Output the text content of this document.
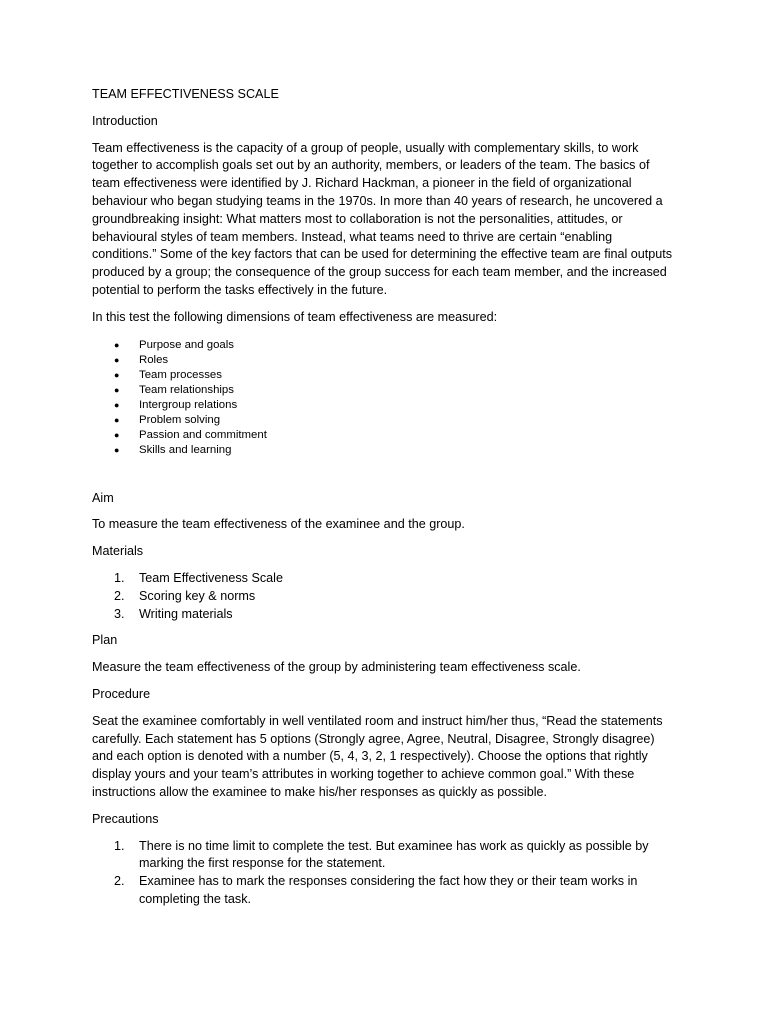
TEAM EFFECTIVENESS SCALE
Introduction

Team effectiveness is the capacity of a group of people, usually with complementary skills, to work together to accomplish goals set out by an authority, members, or leaders of the team. The basics of team effectiveness were identified by J. Richard Hackman, a pioneer in the field of organizational behaviour who began studying teams in the 1970s. In more than 40 years of research, he uncovered a groundbreaking insight: What matters most to collaboration is not the personalities, attitudes, or behavioural styles of team members. Instead, what teams need to thrive are certain “enabling conditions.” Some of the key factors that can be used for determining the effective team are final outputs produced by a group; the consequence of the group success for each team member, and the increased potential to perform the tasks effectively in the future.

In this test the following dimensions of team effectiveness are measured:

● Purpose and goals
● Roles
● Team processes
● Team relationships
● Intergroup relations
● Problem solving
● Passion and commitment
● Skills and learning
Aim

To measure the team effectiveness of the examinee and the group.

Materials
1. Team Effectiveness Scale
2. Scoring key & norms
3. Writing materials
Plan

Measure the team effectiveness of the group by administering team effectiveness scale.

Procedure

Seat the examinee comfortably in well ventilated room and instruct him/her thus, “Read the statements carefully. Each statement has 5 options (Strongly agree, Agree, Neutral, Disagree, Strongly disagree) and each option is denoted with a number (5, 4, 3, 2, 1 respectively). Choose the options that rightly display yours and your team’s attributes in working together to achieve common goal.” With these instructions allow the examinee to make his/her responses as quickly as possible.

Precautions
1. There is no time limit to complete the test. But examinee has work as quickly as possible by marking the first response for the statement.
2. Examinee has to mark the responses considering the fact how they or their team works in completing the task.
